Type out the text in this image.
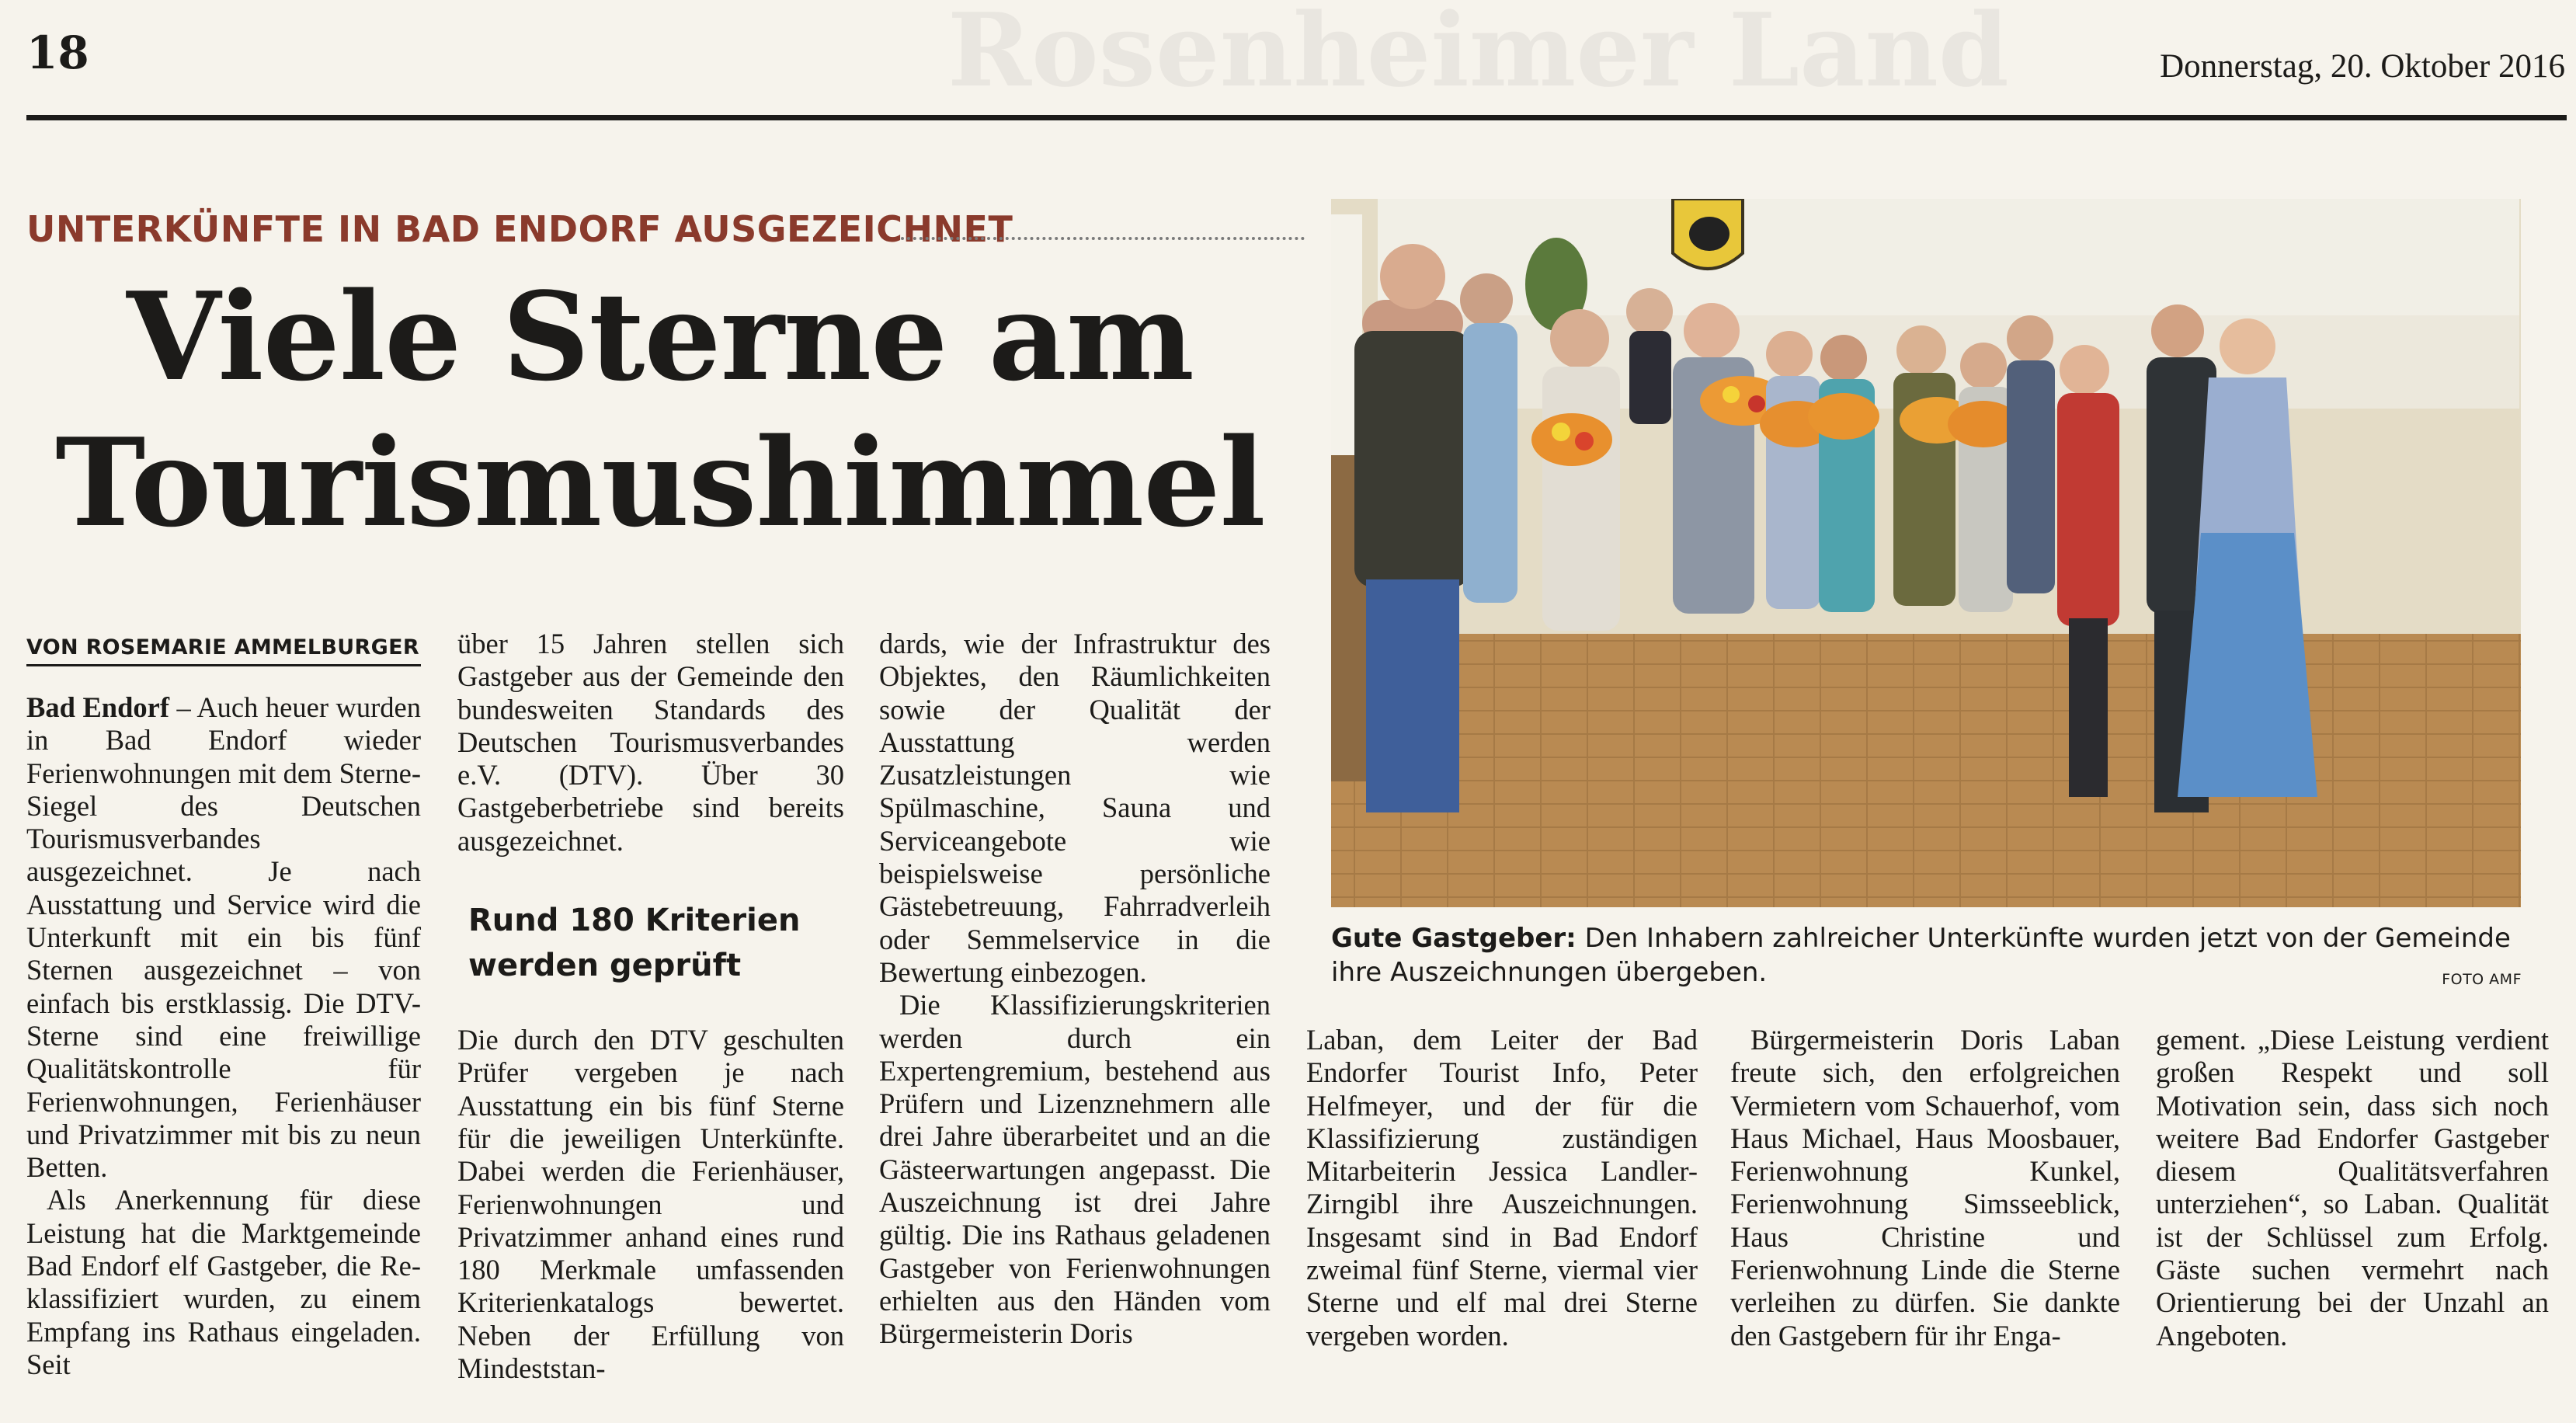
Rosenheimer Land
18	Donnerstag, 20. Oktober 2016
UNTERKÜNFTE IN BAD ENDORF AUSGEZEICHNET
Viele Sterne am
Tourismushimmel
VON ROSEMARIE AMMELBURGER

Bad Endorf – Auch heuer wurden in Bad Endorf wieder Ferienwohnungen mit dem Sterne-Siegel des Deutschen Tourismusverbandes ausgezeichnet. Je nach Ausstattung und Service wird die Unterkunft mit ein bis fünf Sternen ausgezeichnet – von einfach bis erstklassig. Die DTV-Sterne sind eine freiwillige Qualitätskontrolle für Ferienwohnungen, Ferienhäuser und Privatzimmer mit bis zu neun Betten.

Als Anerkennung für diese Leistung hat die Marktgemeinde Bad Endorf elf Gastgeber, die Re-klassifiziert wurden, zu einem Empfang ins Rathaus eingeladen. Seit

über 15 Jahren stellen sich Gastgeber aus der Gemeinde den bundesweiten Standards des Deutschen Tourismusverbandes e.V. (DTV). Über 30 Gastgeberbetriebe sind bereits ausgezeichnet.

Rund 180 Kriterien werden geprüft

Die durch den DTV geschulten Prüfer vergeben je nach Ausstattung ein bis fünf Sterne für die jeweiligen Unterkünfte. Dabei werden die Ferienhäuser, Ferienwohnungen und Privatzimmer anhand eines rund 180 Merkmale umfassenden Kriterienkatalogs bewertet. Neben der Erfüllung von Mindeststan-

dards, wie der Infrastruktur des Objektes, den Räumlichkeiten sowie der Qualität der Ausstattung werden Zusatzleistungen wie Spülmaschine, Sauna und Serviceangebote wie beispielsweise persönliche Gästebetreuung, Fahrradverleih oder Semmelservice in die Bewertung einbezogen.

Die Klassifizierungskriterien werden durch ein Expertengremium, bestehend aus Prüfern und Lizenznehmern alle drei Jahre überarbeitet und an die Gästeerwartungen angepasst. Die Auszeichnung ist drei Jahre gültig. Die ins Rathaus geladenen Gastgeber von Ferienwohnungen erhielten aus den Händen vom Bürgermeisterin Doris

Laban, dem Leiter der Bad Endorfer Tourist Info, Peter Helfmeyer, und der für die Klassifizierung zuständigen Mitarbeiterin Jessica Landler-Zirngibl ihre Auszeichnungen. Insgesamt sind in Bad Endorf zweimal fünf Sterne, viermal vier Sterne und elf mal drei Sterne vergeben worden.

Bürgermeisterin Doris Laban freute sich, den erfolgreichen Vermietern vom Schauerhof, vom Haus Michael, Haus Moosbauer, Ferienwohnung Kunkel, Ferienwohnung Simsseeblick, Haus Christine und Ferienwohnung Linde die Sterne verleihen zu dürfen. Sie dankte den Gastgebern für ihr Enga-

gement. „Diese Leistung verdient großen Respekt und soll Motivation sein, dass sich noch weitere Bad Endorfer Gastgeber diesem Qualitätsverfahren unterziehen“, so Laban. Qualität ist der Schlüssel zum Erfolg. Gäste suchen vermehrt nach Orientierung bei der Unzahl an Angeboten.

Gute Gastgeber: Den Inhabern zahlreicher Unterkünfte wurden jetzt von der Gemeinde ihre Auszeichnungen übergeben.	FOTO AMF
